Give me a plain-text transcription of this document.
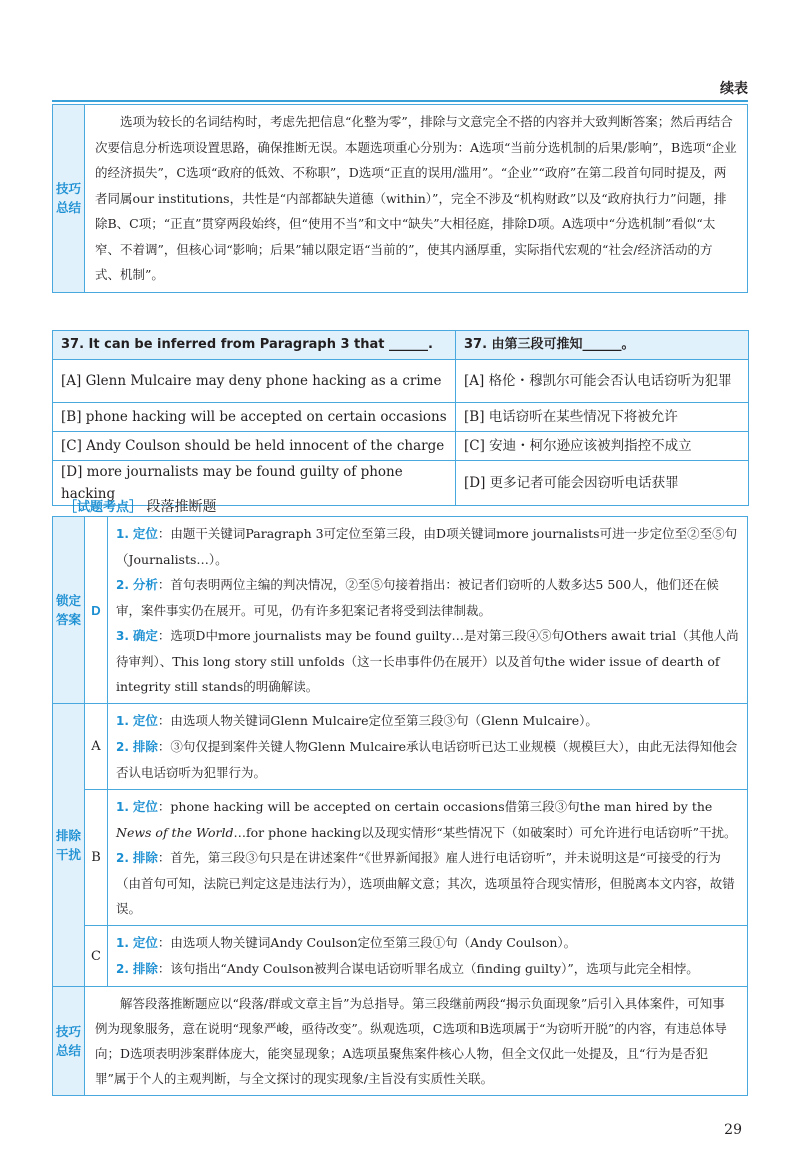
续表
技巧总结
选项为较长的名词结构时，考虑先把信息“化整为零”，排除与文意完全不搭的内容并大致判断答案；然后再结合次要信息分析选项设置思路，确保推断无误。本题选项重心分别为：A选项“当前分选机制的后果/影响”，B选项“企业的经济损失”，C选项“政府的低效、不称职”，D选项“正直的误用/滥用”。“企业”“政府”在第二段首句同时提及，两者同属our institutions，共性是“内部都缺失道德（within）”，完全不涉及“机构财政”以及“政府执行力”问题，排除B、C项；“正直”贯穿两段始终，但“使用不当”和文中“缺失”大相径庭，排除D项。A选项中“分选机制”看似“太窄、不着调”，但核心词“影响；后果”辅以限定语“当前的”，使其内涵厚重，实际指代宏观的“社会/经济活动的方式、机制”。
37. It can be inferred from Paragraph 3 that ______.	37. 由第三段可推知______。
[A] Glenn Mulcaire may deny phone hacking as a crime	[A] 格伦・穆凯尔可能会否认电话窃听为犯罪
[B] phone hacking will be accepted on certain occasions	[B] 电话窃听在某些情况下将被允许
[C] Andy Coulson should be held innocent of the charge	[C] 安迪・柯尔逊应该被判指控不成立
[D] more journalists may be found guilty of phone hacking	[D] 更多记者可能会因窃听电话获罪
［试题考点］ 段落推断题
锁定答案
D

1. 定位：由题干关键词Paragraph 3可定位至第三段，由D项关键词more journalists可进一步定位至②至⑤句（Journalists…）。

2. 分析：首句表明两位主编的判决情况，②至⑤句接着指出：被记者们窃听的人数多达5 500人，他们还在候审，案件事实仍在展开。可见，仍有许多犯案记者将受到法律制裁。

3. 确定：选项D中more journalists may be found guilty…是对第三段④⑤句Others await trial（其他人尚待审判）、This long story still unfolds（这一长串事件仍在展开）以及首句the wider issue of dearth of integrity still stands的明确解读。

排除干扰
A

1. 定位：由选项人物关键词Glenn Mulcaire定位至第三段③句（Glenn Mulcaire）。

2. 排除：③句仅提到案件关键人物Glenn Mulcaire承认电话窃听已达工业规模（规模巨大），由此无法得知他会否认电话窃听为犯罪行为。

B

1. 定位：phone hacking will be accepted on certain occasions借第三段③句the man hired by the News of the World…for phone hacking以及现实情形“某些情况下（如破案时）可允许进行电话窃听”干扰。

2. 排除：首先，第三段③句只是在讲述案件“《世界新闻报》雇人进行电话窃听”，并未说明这是“可接受的行为（由首句可知，法院已判定这是违法行为），选项曲解文意；其次，选项虽符合现实情形，但脱离本文内容，故错误。

C

1. 定位：由选项人物关键词Andy Coulson定位至第三段①句（Andy Coulson）。

2. 排除：该句指出“Andy Coulson被判合谋电话窃听罪名成立（finding guilty）”，选项与此完全相悖。

技巧总结
解答段落推断题应以“段落/群或文章主旨”为总指导。第三段继前两段“揭示负面现象”后引入具体案件，可知事例为现象服务，意在说明“现象严峻，亟待改变”。纵观选项，C选项和B选项属于“为窃听开脱”的内容，有违总体导向；D选项表明涉案群体庞大，能突显现象；A选项虽聚焦案件核心人物，但全文仅此一处提及，且“行为是否犯罪”属于个人的主观判断，与全文探讨的现实现象/主旨没有实质性关联。
29
